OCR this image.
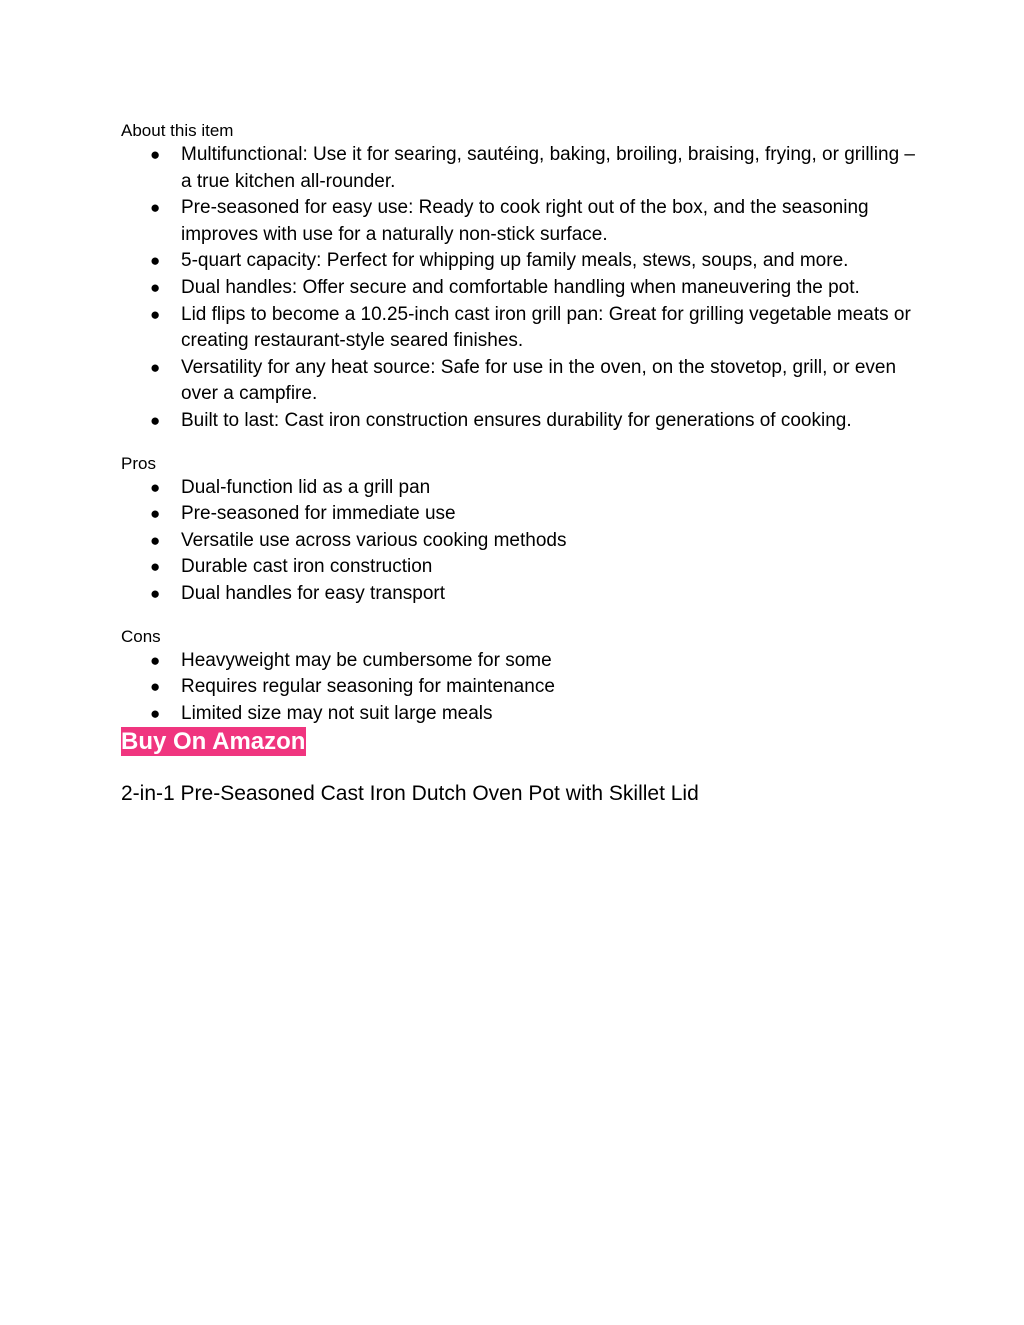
About this item

● Multifunctional: Use it for searing, sautéing, baking, broiling, braising, frying, or grilling – a true kitchen all-rounder.
● Pre-seasoned for easy use: Ready to cook right out of the box, and the seasoning improves with use for a naturally non-stick surface.
● 5-quart capacity: Perfect for whipping up family meals, stews, soups, and more.
● Dual handles: Offer secure and comfortable handling when maneuvering the pot.
● Lid flips to become a 10.25-inch cast iron grill pan: Great for grilling vegetable meats or creating restaurant-style seared finishes.
● Versatility for any heat source: Safe for use in the oven, on the stovetop, grill, or even over a campfire.
● Built to last: Cast iron construction ensures durability for generations of cooking.

Pros

● Dual-function lid as a grill pan
● Pre-seasoned for immediate use
● Versatile use across various cooking methods
● Durable cast iron construction
● Dual handles for easy transport

Cons

● Heavyweight may be cumbersome for some
● Requires regular seasoning for maintenance
● Limited size may not suit large meals
Buy On Amazon

2-in-1 Pre-Seasoned Cast Iron Dutch Oven Pot with Skillet Lid
